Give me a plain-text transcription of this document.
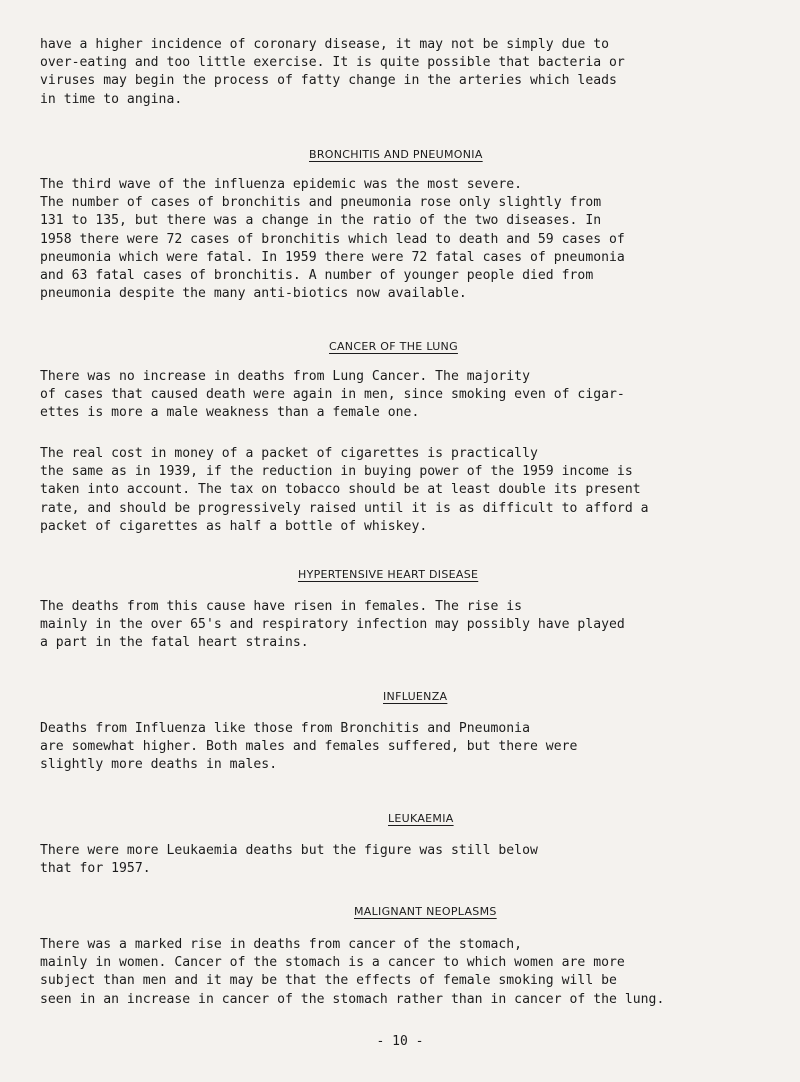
have a higher incidence of coronary disease, it may not be simply due to
over-eating and too little exercise. It is quite possible that bacteria or
viruses may begin the process of fatty change in the arteries which leads
in time to angina.

BRONCHITIS AND PNEUMONIA

The third wave of the influenza epidemic was the most severe.
The number of cases of bronchitis and pneumonia rose only slightly from
131 to 135, but there was a change in the ratio of the two diseases. In
1958 there were 72 cases of bronchitis which lead to death and 59 cases of
pneumonia which were fatal. In 1959 there were 72 fatal cases of pneumonia
and 63 fatal cases of bronchitis. A number of younger people died from
pneumonia despite the many anti-biotics now available.

CANCER OF THE LUNG

There was no increase in deaths from Lung Cancer. The majority
of cases that caused death were again in men, since smoking even of cigar-
ettes is more a male weakness than a female one.

The real cost in money of a packet of cigarettes is practically
the same as in 1939, if the reduction in buying power of the 1959 income is
taken into account. The tax on tobacco should be at least double its present
rate, and should be progressively raised until it is as difficult to afford a
packet of cigarettes as half a bottle of whiskey.

HYPERTENSIVE HEART DISEASE

The deaths from this cause have risen in females. The rise is
mainly in the over 65's and respiratory infection may possibly have played
a part in the fatal heart strains.

INFLUENZA

Deaths from Influenza like those from Bronchitis and Pneumonia
are somewhat higher. Both males and females suffered, but there were
slightly more deaths in males.

LEUKAEMIA

There were more Leukaemia deaths but the figure was still below
that for 1957.

MALIGNANT NEOPLASMS

There was a marked rise in deaths from cancer of the stomach,
mainly in women. Cancer of the stomach is a cancer to which women are more
subject than men and it may be that the effects of female smoking will be
seen in an increase in cancer of the stomach rather than in cancer of the lung.

- 10 -
